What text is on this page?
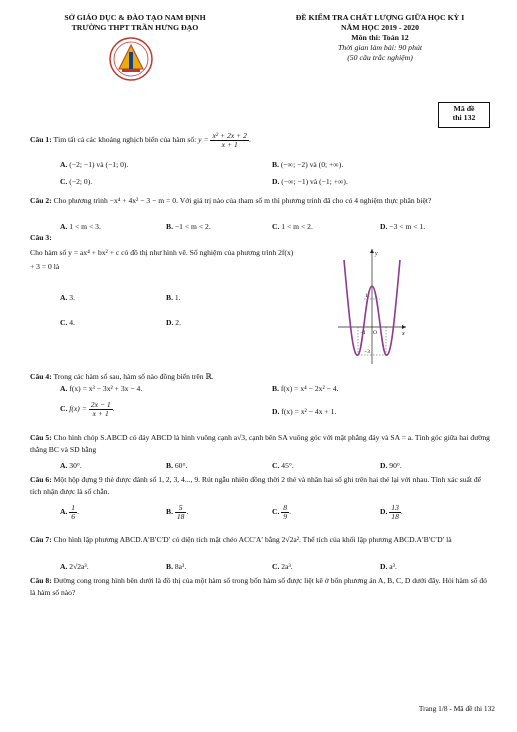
SỞ GIÁO DỤC & ĐÀO TẠO NAM ĐỊNH
TRƯỜNG THPT TRẦN HƯNG ĐẠO
ĐỀ KIỂM TRA CHẤT LƯỢNG GIỮA HỌC KỲ I
NĂM HỌC 2019 - 2020
Môn thi: Toán 12
Thời gian làm bài: 90 phút
(50 câu trắc nghiệm)
Mã đề
thi 132
Câu 1: Tìm tất cả các khoảng nghịch biến của hàm số: $y = \frac{\text{x² + 2x + 2}}{x + 1}$ .
A. (−2; −1) và (−1; 0).	B. (−∞; −2) và (0; +∞).
C. (−2; 0).	D. (−∞; −1) và (−1; +∞).
Câu 2: Cho phương trình −x⁴ + 4x² − 3 − m = 0. Với giá trị nào của tham số m thì phương trình đã cho có 4 nghiệm thực phân biệt?
A. 1 < m < 3.	B. −1 < m < 2.	C. 1 < m < 2.	D. −3 < m < 1.
Câu 3:
Cho hàm số y = ax⁴ + bx² + c có đồ thị như hình vẽ. Số nghiệm của phương trình 2f(x) + 3 = 0 là
A. 3.	B. 1.
C. 4.	D. 2.
y
x
O
1
−1
−3
Câu 4: Trong các hàm số sau, hàm số nào đồng biến trên ℝ.
A. f(x) = x³ − 3x² + 3x − 4.	B. f(x) = x⁴ − 2x² − 4.
C. $f(x) = \frac{2x - 1}{x + 1}$ .	D. f(x) = x² − 4x + 1.
Câu 5: Cho hình chóp S.ABCD có đáy ABCD là hình vuông cạnh a√3, cạnh bên SA vuông góc với mặt phẳng đáy và SA = a. Tính góc giữa hai đường thẳng BC và SD bằng
A. 30°.	B. 60°.	C. 45°.	D. 90°.
Câu 6: Một hộp đựng 9 thẻ được đánh số 1, 2, 3, 4..., 9. Rút ngẫu nhiên đồng thời 2 thẻ và nhân hai số ghi trên hai thẻ lại với nhau. Tính xác suất để tích nhận được là số chẵn.
A. $\frac{1}{6}$ .	B. $\frac{5}{18}$ .	C. $\frac{8}{9}$ .	D. $\frac{13}{18}$ .
Câu 7: Cho hình lập phương ABCD.A′B′C′D′ có diện tích mặt chéo ACC′A′ bằng 2√2a². Thể tích của khối lập phương ABCD.A′B′C′D′ là
A. 2√2a³.	B. 8a³.	C. 2a³.	D. a³.
Câu 8: Đường cong trong hình bên dưới là đồ thị của một hàm số trong bốn hàm số được liệt kê ở bốn phương án A, B, C, D dưới đây. Hỏi hàm số đó là hàm số nào?
Trang 1/8 - Mã đề thi 132
